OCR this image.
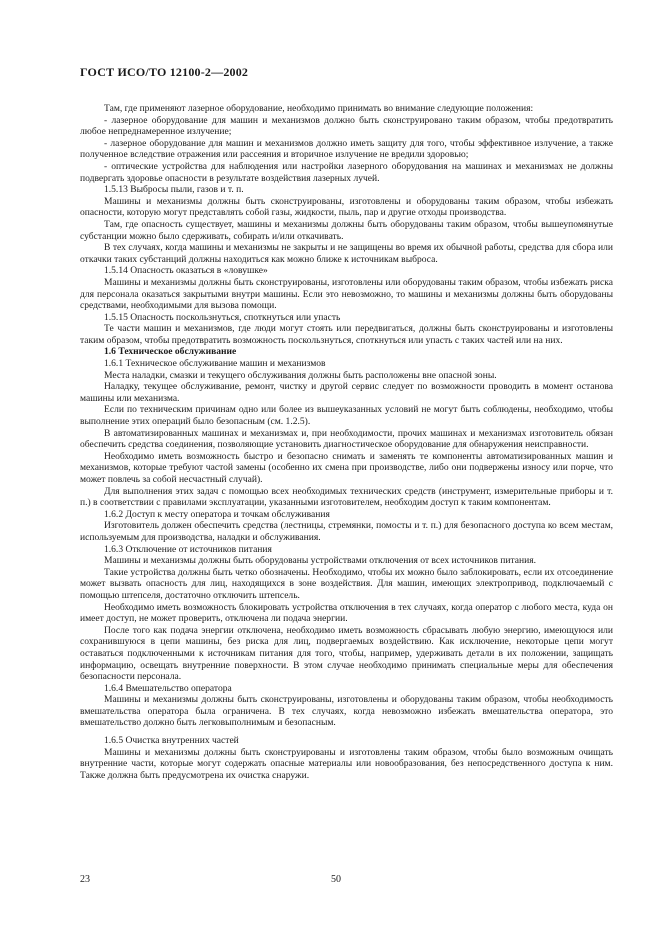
ГОСТ ИСО/ТО 12100-2—2002

Там, где применяют лазерное оборудование, необходимо принимать во внимание следующие положения:

- лазерное оборудование для машин и механизмов должно быть сконструировано таким образом, чтобы предотвратить любое непреднамеренное излучение;

- лазерное оборудование для машин и механизмов должно иметь защиту для того, чтобы эффективное излучение, а также полученное вследствие отражения или рассеяния и вторичное излучение не вредили здоровью;

- оптические устройства для наблюдения или настройки лазерного оборудования на машинах и механизмах не должны подвергать здоровье опасности в результате воздействия лазерных лучей.

1.5.13 Выбросы пыли, газов и т. п.

Машины и механизмы должны быть сконструированы, изготовлены и оборудованы таким образом, чтобы избежать опасности, которую могут представлять собой газы, жидкости, пыль, пар и другие отходы производства.

Там, где опасность существует, машины и механизмы должны быть оборудованы таким образом, чтобы вышеупомянутые субстанции можно было сдерживать, собирать и/или откачивать.

В тех случаях, когда машины и механизмы не закрыты и не защищены во время их обычной работы, средства для сбора или откачки таких субстанций должны находиться как можно ближе к источникам выброса.

1.5.14 Опасность оказаться в «ловушке»

Машины и механизмы должны быть сконструированы, изготовлены или оборудованы таким образом, чтобы избежать риска для персонала оказаться закрытыми внутри машины. Если это невозможно, то машины и механизмы должны быть оборудованы средствами, необходимыми для вызова помощи.

1.5.15 Опасность поскользнуться, споткнуться или упасть

Те части машин и механизмов, где люди могут стоять или передвигаться, должны быть сконструированы и изготовлены таким образом, чтобы предотвратить возможность поскользнуться, споткнуться или упасть с таких частей или на них.

1.6 Техническое обслуживание

1.6.1 Техническое обслуживание машин и механизмов

Места наладки, смазки и текущего обслуживания должны быть расположены вне опасной зоны.

Наладку, текущее обслуживание, ремонт, чистку и другой сервис следует по возможности проводить в момент останова машины или механизма.

Если по техническим причинам одно или более из вышеуказанных условий не могут быть соблюдены, необходимо, чтобы выполнение этих операций было безопасным (см. 1.2.5).

В автоматизированных машинах и механизмах и, при необходимости, прочих машинах и механизмах изготовитель обязан обеспечить средства соединения, позволяющие установить диагностическое оборудование для обнаружения неисправности.

Необходимо иметь возможность быстро и безопасно снимать и заменять те компоненты автоматизированных машин и механизмов, которые требуют частой замены (особенно их смена при производстве, либо они подвержены износу или порче, что может повлечь за собой несчастный случай).

Для выполнения этих задач с помощью всех необходимых технических средств (инструмент, измерительные приборы и т. п.) в соответствии с правилами эксплуатации, указанными изготовителем, необходим доступ к таким компонентам.

1.6.2 Доступ к месту оператора и точкам обслуживания

Изготовитель должен обеспечить средства (лестницы, стремянки, помосты и т. п.) для безопасного доступа ко всем местам, используемым для производства, наладки и обслуживания.

1.6.3 Отключение от источников питания

Машины и механизмы должны быть оборудованы устройствами отключения от всех источников питания.

Такие устройства должны быть четко обозначены. Необходимо, чтобы их можно было заблокировать, если их отсоединение может вызвать опасность для лиц, находящихся в зоне воздействия. Для машин, имеющих электропривод, подключаемый с помощью штепселя, достаточно отключить штепсель.

Необходимо иметь возможность блокировать устройства отключения в тех случаях, когда оператор с любого места, куда он имеет доступ, не может проверить, отключена ли подача энергии.

После того как подача энергии отключена, необходимо иметь возможность сбрасывать любую энергию, имеющуюся или сохранившуюся в цепи машины, без риска для лиц, подвергаемых воздействию. Как исключение, некоторые цепи могут оставаться подключенными к источникам питания для того, чтобы, например, удерживать детали в их положении, защищать информацию, освещать внутренние поверхности. В этом случае необходимо принимать специальные меры для обеспечения безопасности персонала.

1.6.4 Вмешательство оператора

Машины и механизмы должны быть сконструированы, изготовлены и оборудованы таким образом, чтобы необходимость вмешательства оператора была ограничена. В тех случаях, когда невозможно избежать вмешательства оператора, это вмешательство должно быть легковыполнимым и безопасным.

1.6.5 Очистка внутренних частей

Машины и механизмы должны быть сконструированы и изготовлены таким образом, чтобы было возможным очищать внутренние части, которые могут содержать опасные материалы или новообразования, без непосредственного доступа к ним. Также должна быть предусмотрена их очистка снаружи.

23	50
